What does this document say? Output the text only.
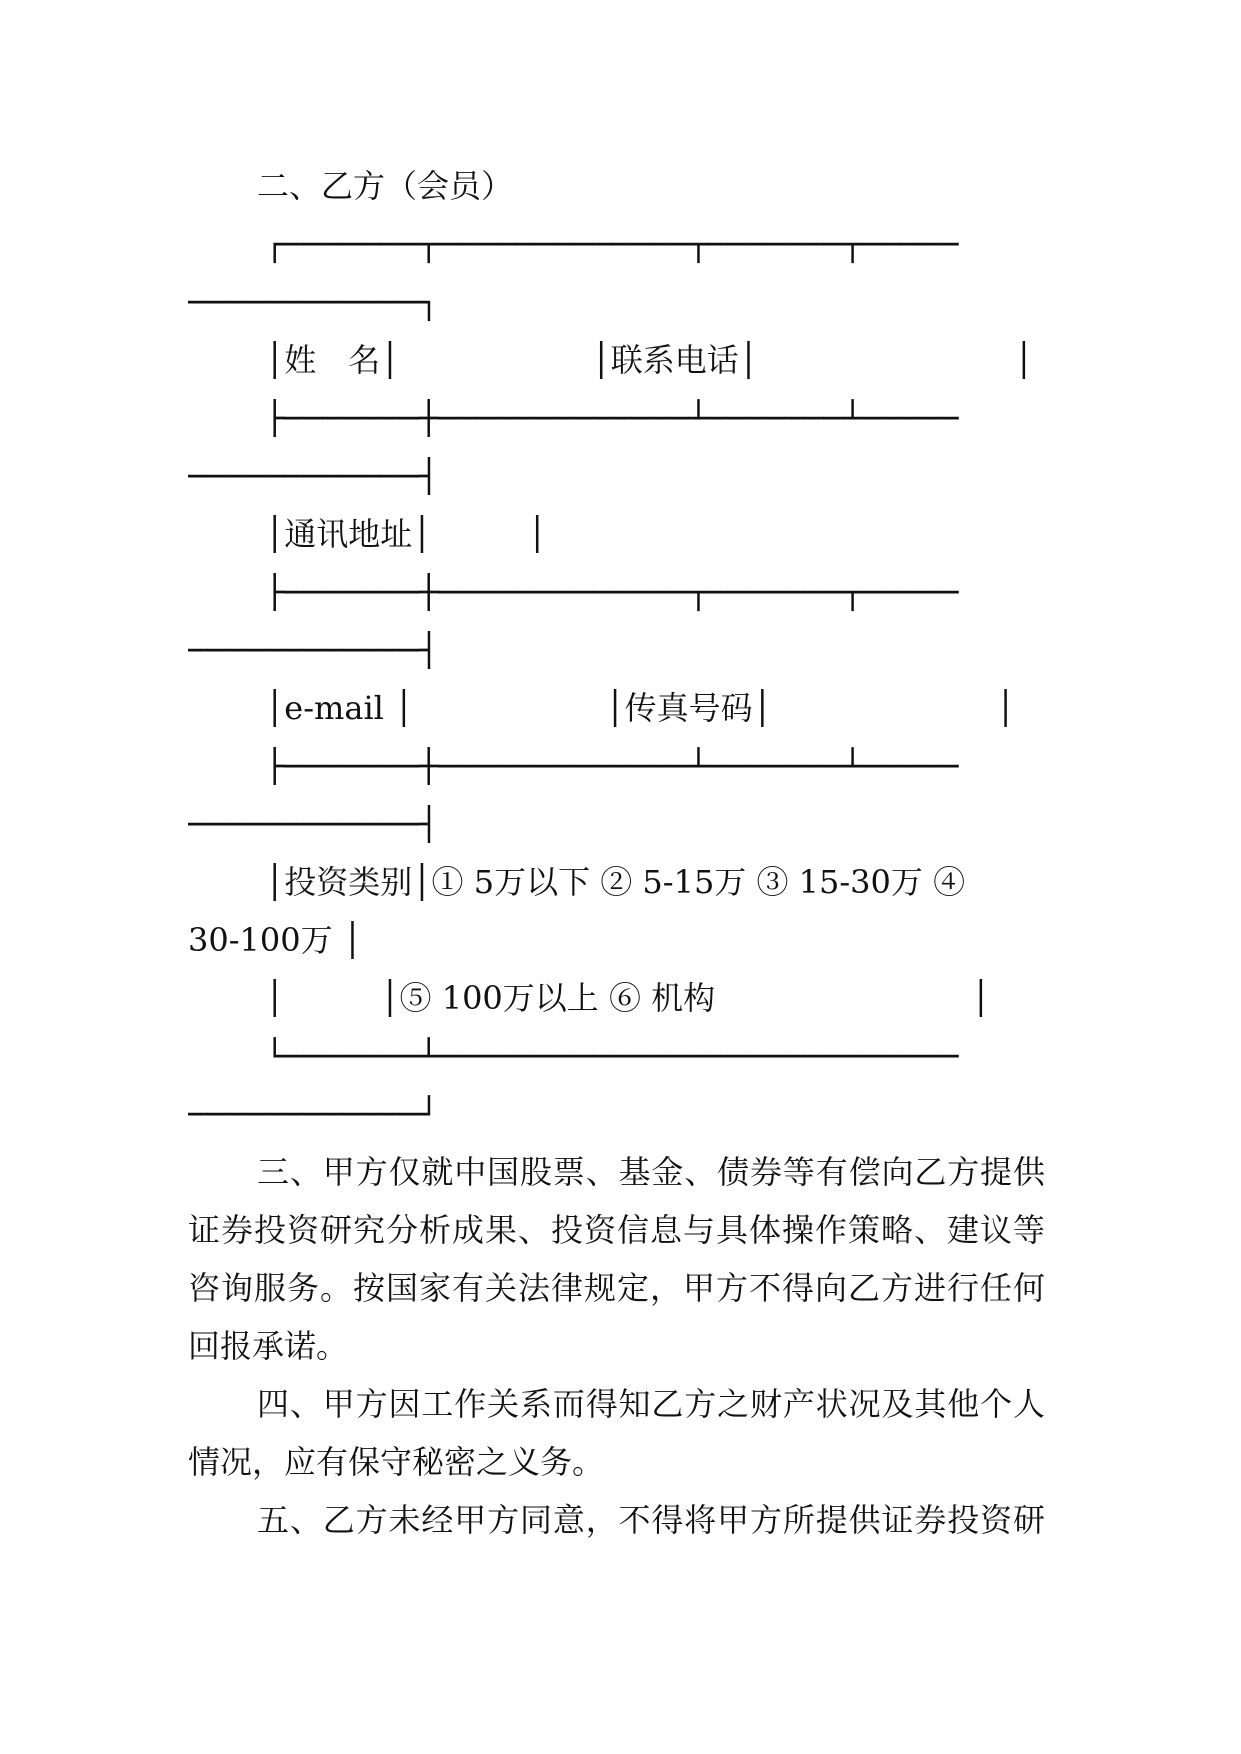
二、乙方（会员）

┌───────┬─────────────┬───────┬─────

────────────┐

│姓　名│　　　　　　│联系电话│　　　　　　　　│

├───────┼─────────────┴───────┴─────

────────────┤

│通讯地址│　　　│

├───────┼─────────────┬───────┬─────

────────────┤

│e-mail │　　　　　　│传真号码│　　　　　　　│

├───────┼─────────────┴───────┴─────

────────────┤

│投资类别│① 5万以下 ② 5-15万 ③ 15-30万 ④

30-100万 │

│　　　│⑤ 100万以上 ⑥ 机构　　　　　　　　│

└───────┴───────────────────────────

────────────┘

三、甲方仅就中国股票、基金、债券等有偿向乙方提供

证券投资研究分析成果、投资信息与具体操作策略、建议等

咨询服务。按国家有关法律规定，甲方不得向乙方进行任何

回报承诺。

四、甲方因工作关系而得知乙方之财产状况及其他个人

情况，应有保守秘密之义务。

五、乙方未经甲方同意，不得将甲方所提供证券投资研
